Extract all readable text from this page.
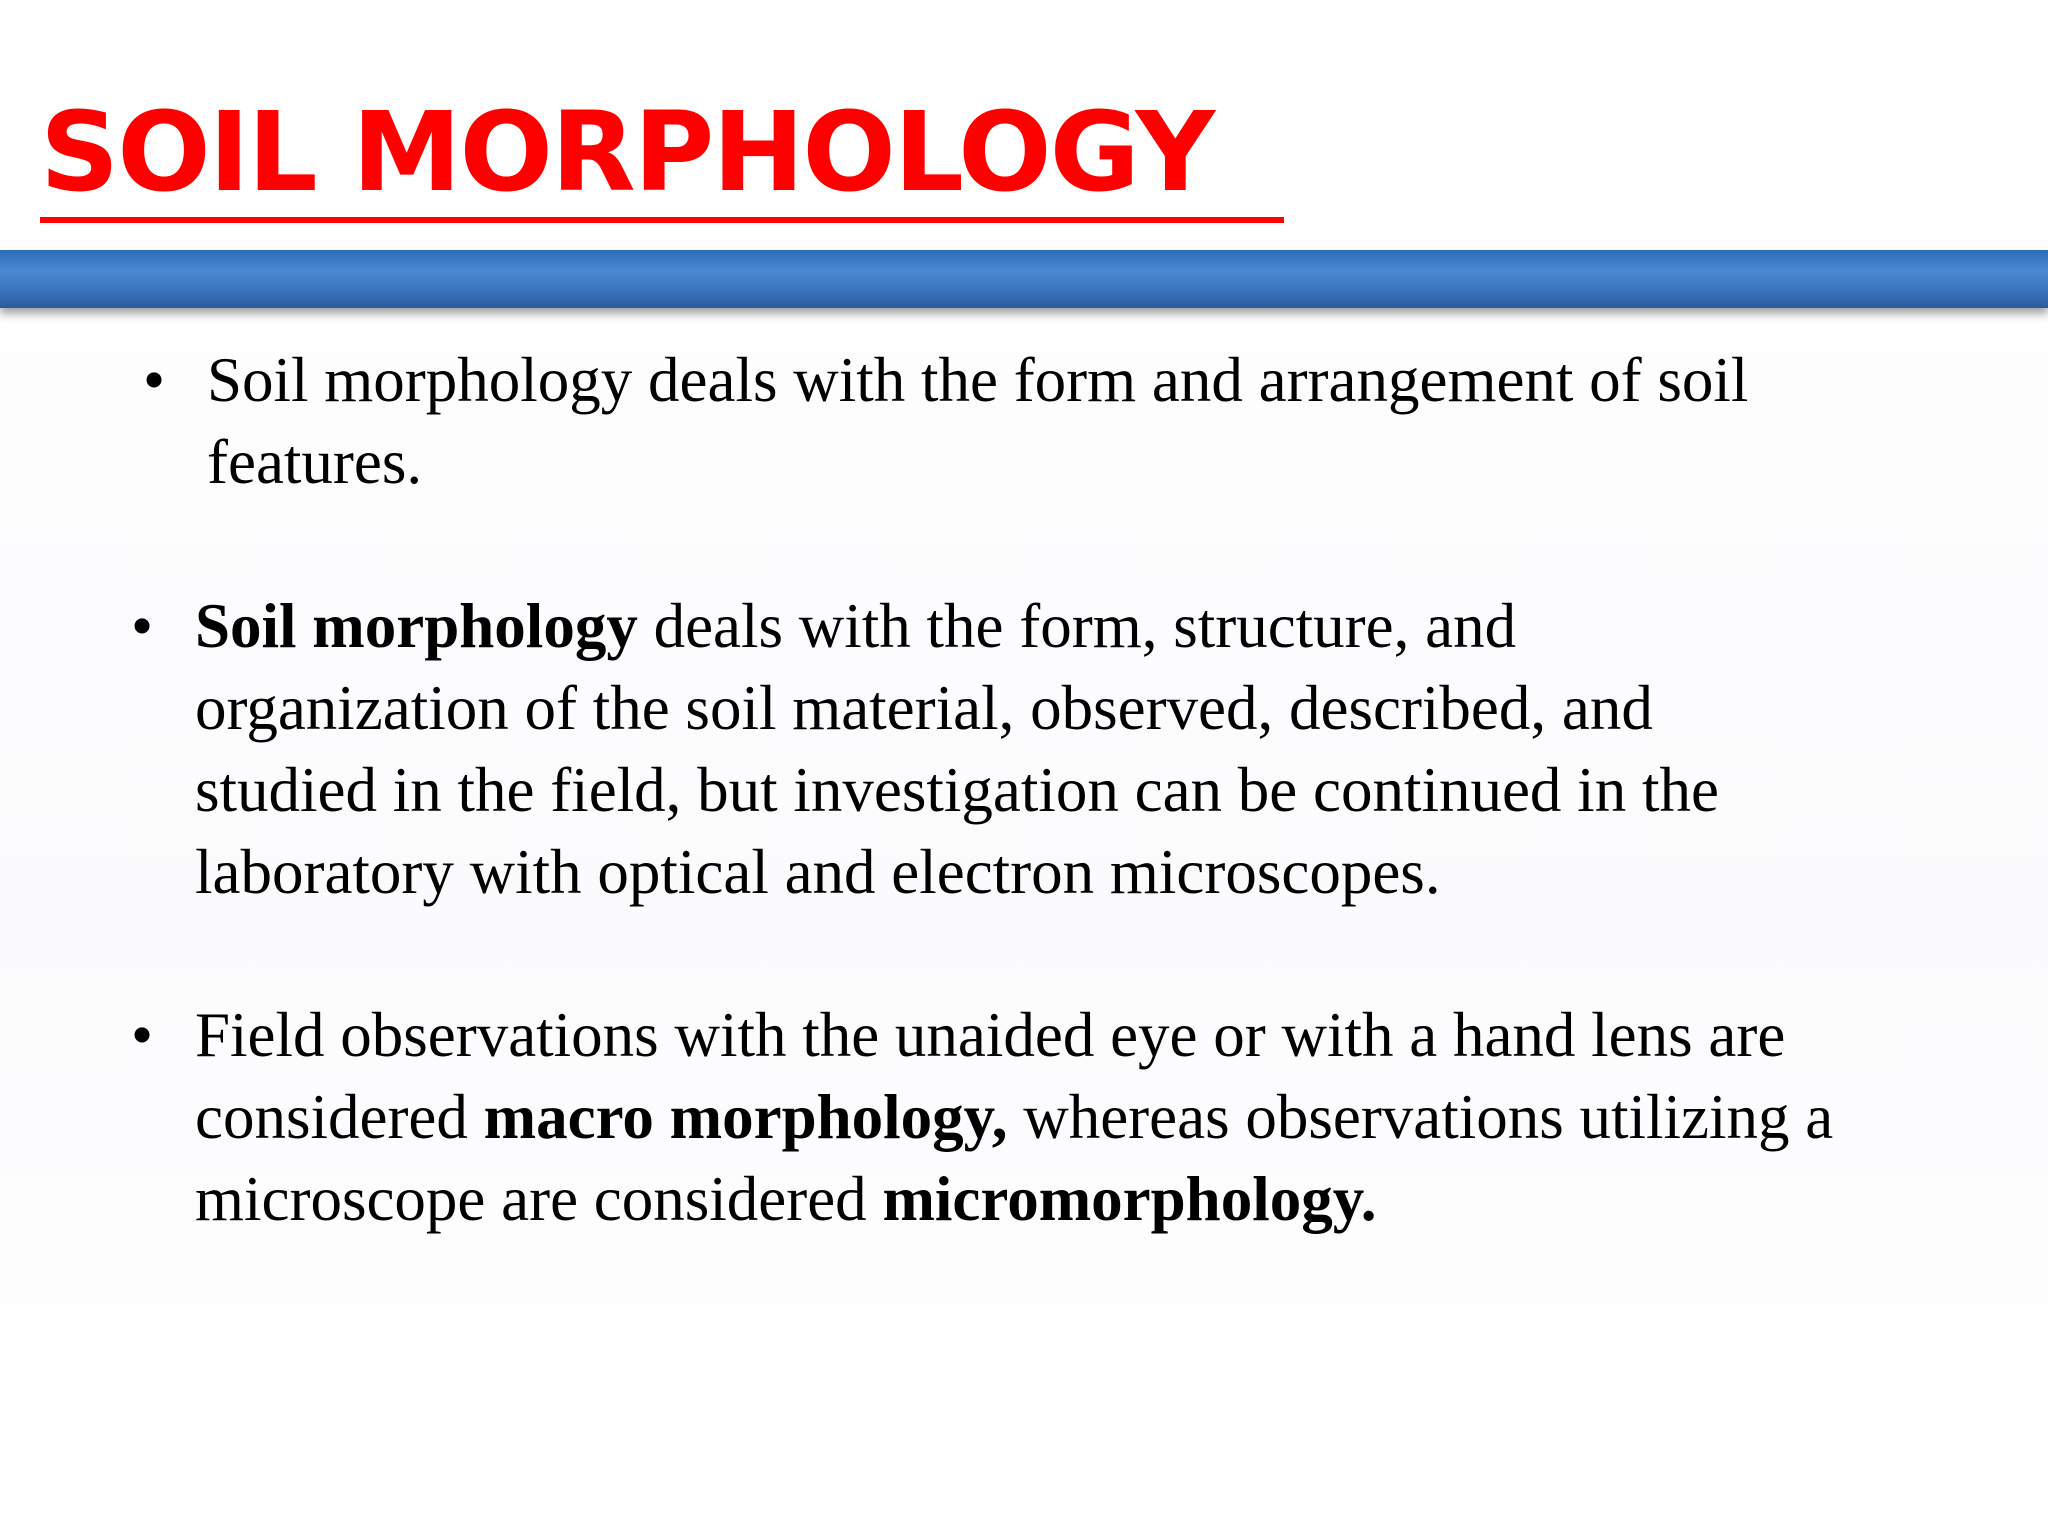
SOIL MORPHOLOGY
• Soil morphology deals with the form and arrangement of soil features.
• Soil morphology deals with the form, structure, and organization of the soil material, observed, described, and studied in the field, but investigation can be continued in the laboratory with optical and electron microscopes.
• Field observations with the unaided eye or with a hand lens are considered macro morphology, whereas observations utilizing a microscope are considered micromorphology.
